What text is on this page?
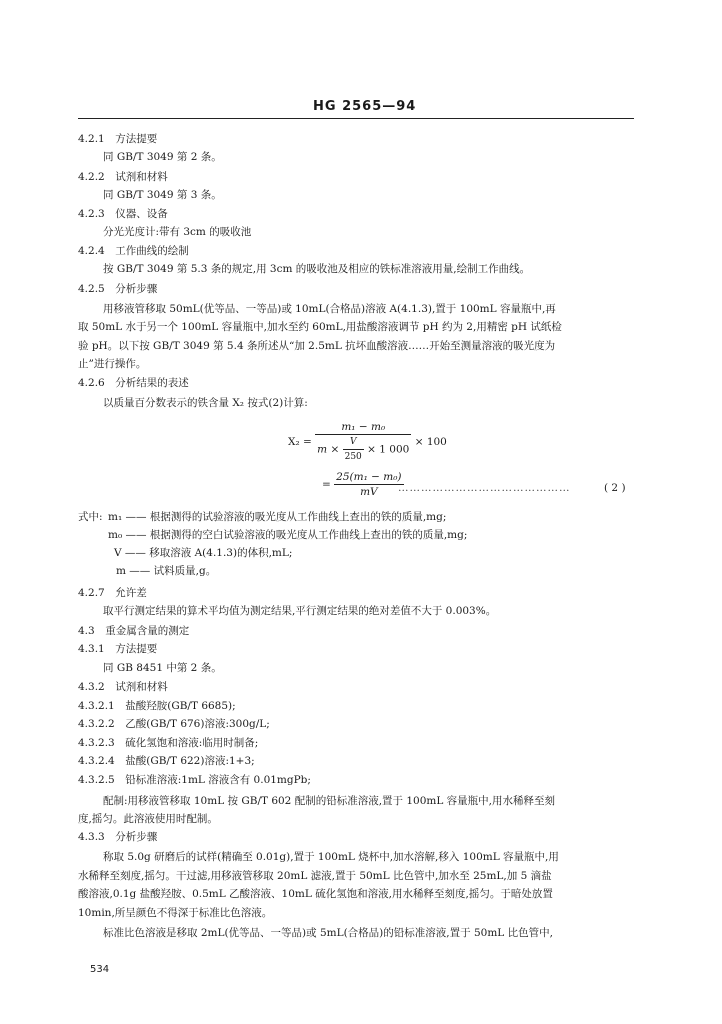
HG 2565—94
4.2.1　方法提要
同 GB/T 3049 第 2 条。
4.2.2　试剂和材料
同 GB/T 3049 第 3 条。
4.2.3　仪器、设备
分光光度计:带有 3cm 的吸收池
4.2.4　工作曲线的绘制
按 GB/T 3049 第 5.3 条的规定,用 3cm 的吸收池及相应的铁标准溶液用量,绘制工作曲线。
4.2.5　分析步骤
用移液管移取 50mL(优等品、一等品)或 10mL(合格品)溶液 A(4.1.3),置于 100mL 容量瓶中,再
取 50mL 水于另一个 100mL 容量瓶中,加水至约 60mL,用盐酸溶液调节 pH 约为 2,用精密 pH 试纸检
验 pH。以下按 GB/T 3049 第 5.4 条所述从“加 2.5mL 抗坏血酸溶液……开始至测量溶液的吸光度为
止”进行操作。
4.2.6　分析结果的表述
以质量百分数表示的铁含量 X₂ 按式(2)计算:
X₂ =
m₁ − m₀
$m \times \frac{V}{250} \times 1$ 000
× 100
= $\frac{\text{25(m₁ − m₀)}}{mV}$
………………………………………	( 2 )
式中: m₁ —— 根据测得的试验溶液的吸光度从工作曲线上查出的铁的质量,mg;
m₀ —— 根据测得的空白试验溶液的吸光度从工作曲线上查出的铁的质量,mg;
V —— 移取溶液 A(4.1.3)的体积,mL;
m —— 试料质量,g。
4.2.7　允许差
取平行测定结果的算术平均值为测定结果,平行测定结果的绝对差值不大于 0.003%。
4.3　重金属含量的测定
4.3.1　方法提要
同 GB 8451 中第 2 条。
4.3.2　试剂和材料
4.3.2.1　盐酸羟胺(GB/T 6685);
4.3.2.2　乙酸(GB/T 676)溶液:300g/L;
4.3.2.3　硫化氢饱和溶液:临用时制备;
4.3.2.4　盐酸(GB/T 622)溶液:1+3;
4.3.2.5　铅标准溶液:1mL 溶液含有 0.01mgPb;
配制:用移液管移取 10mL 按 GB/T 602 配制的铅标准溶液,置于 100mL 容量瓶中,用水稀释至刻
度,摇匀。此溶液使用时配制。
4.3.3　分析步骤
称取 5.0g 研磨后的试样(精确至 0.01g),置于 100mL 烧杯中,加水溶解,移入 100mL 容量瓶中,用
水稀释至刻度,摇匀。干过滤,用移液管移取 20mL 滤液,置于 50mL 比色管中,加水至 25mL,加 5 滴盐
酸溶液,0.1g 盐酸羟胺、0.5mL 乙酸溶液、10mL 硫化氢饱和溶液,用水稀释至刻度,摇匀。于暗处放置
10min,所呈颜色不得深于标准比色溶液。
标准比色溶液是移取 2mL(优等品、一等品)或 5mL(合格品)的铅标准溶液,置于 50mL 比色管中,
534
